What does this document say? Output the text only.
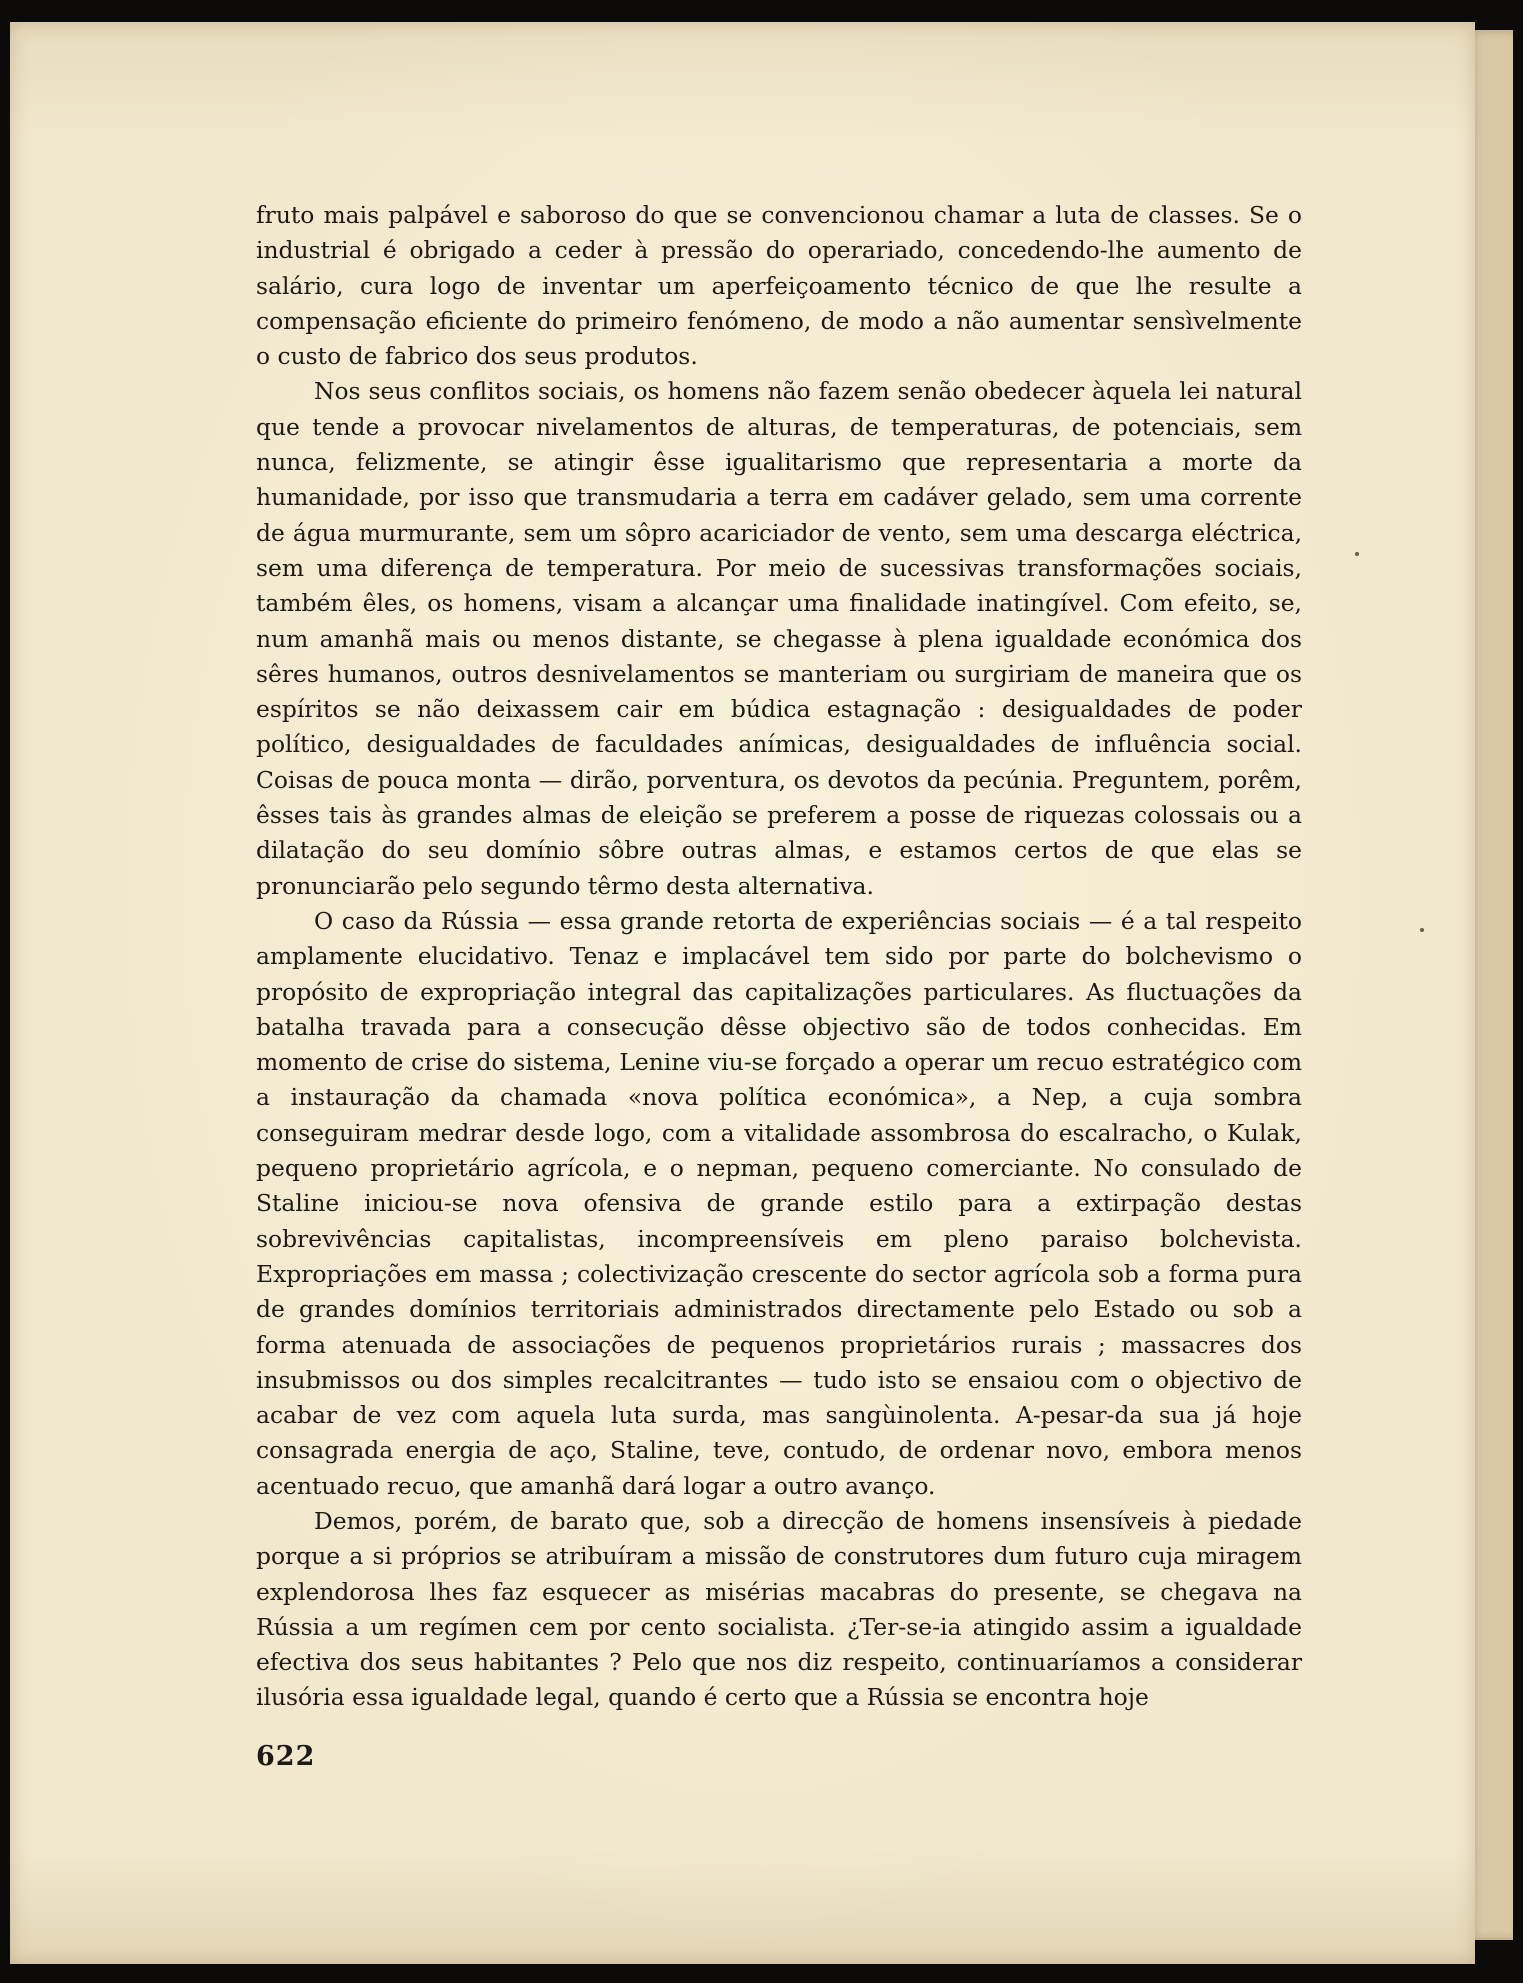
fruto mais palpável e saboroso do que se convencionou chamar a luta de classes. Se o industrial é obrigado a ceder à pressão do operariado, concedendo-lhe aumento de salário, cura logo de inventar um aperfeiçoamento técnico de que lhe resulte a compensação eficiente do primeiro fenómeno, de modo a não aumentar sensìvelmente o custo de fabrico dos seus produtos.

Nos seus conflitos sociais, os homens não fazem senão obedecer àquela lei natural que tende a provocar nivelamentos de alturas, de temperaturas, de potenciais, sem nunca, felizmente, se atingir êsse igualitarismo que representaria a morte da humanidade, por isso que transmudaria a terra em cadáver gelado, sem uma corrente de água murmurante, sem um sôpro acariciador de vento, sem uma descarga eléctrica, sem uma diferença de temperatura. Por meio de sucessivas transformações sociais, também êles, os homens, visam a alcançar uma finalidade inatingível. Com efeito, se, num amanhã mais ou menos distante, se chegasse à plena igualdade económica dos sêres humanos, outros desnivelamentos se manteriam ou surgiriam de maneira que os espíritos se não deixassem cair em búdica estagnação : desigualdades de poder político, desigualdades de faculdades anímicas, desigualdades de influência social. Coisas de pouca monta — dirão, porventura, os devotos da pecúnia. Preguntem, porêm, êsses tais às grandes almas de eleição se preferem a posse de riquezas colossais ou a dilatação do seu domínio sôbre outras almas, e estamos certos de que elas se pronunciarão pelo segundo têrmo desta alternativa.

O caso da Rússia — essa grande retorta de experiências sociais — é a tal respeito amplamente elucidativo. Tenaz e implacável tem sido por parte do bolchevismo o propósito de expropriação integral das capitalizações particulares. As fluctuações da batalha travada para a consecução dêsse objectivo são de todos conhecidas. Em momento de crise do sistema, Lenine viu-se forçado a operar um recuo estratégico com a instauração da chamada «nova política económica», a Nep, a cuja sombra conseguiram medrar desde logo, com a vitalidade assombrosa do escalracho, o Kulak, pequeno proprietário agrícola, e o nepman, pequeno comerciante. No consulado de Staline iniciou-se nova ofensiva de grande estilo para a extirpação destas sobrevivências capitalistas, incompreensíveis em pleno paraiso bolchevista. Expropriações em massa ; colectivização crescente do sector agrícola sob a forma pura de grandes domínios territoriais administrados directamente pelo Estado ou sob a forma atenuada de associações de pequenos proprietários rurais ; massacres dos insubmissos ou dos simples recalcitrantes — tudo isto se ensaiou com o objectivo de acabar de vez com aquela luta surda, mas sangùinolenta. A-pesar-da sua já hoje consagrada energia de aço, Staline, teve, contudo, de ordenar novo, embora menos acentuado recuo, que amanhã dará logar a outro avanço.

Demos, porém, de barato que, sob a direcção de homens insensíveis à piedade porque a si próprios se atribuíram a missão de construtores dum futuro cuja miragem explendorosa lhes faz esquecer as misérias macabras do presente, se chegava na Rússia a um regímen cem por cento socialista. ¿Ter-se-ia atingido assim a igualdade efectiva dos seus habitantes ? Pelo que nos diz respeito, continuaríamos a considerar ilusória essa igualdade legal, quando é certo que a Rússia se encontra hoje

622
